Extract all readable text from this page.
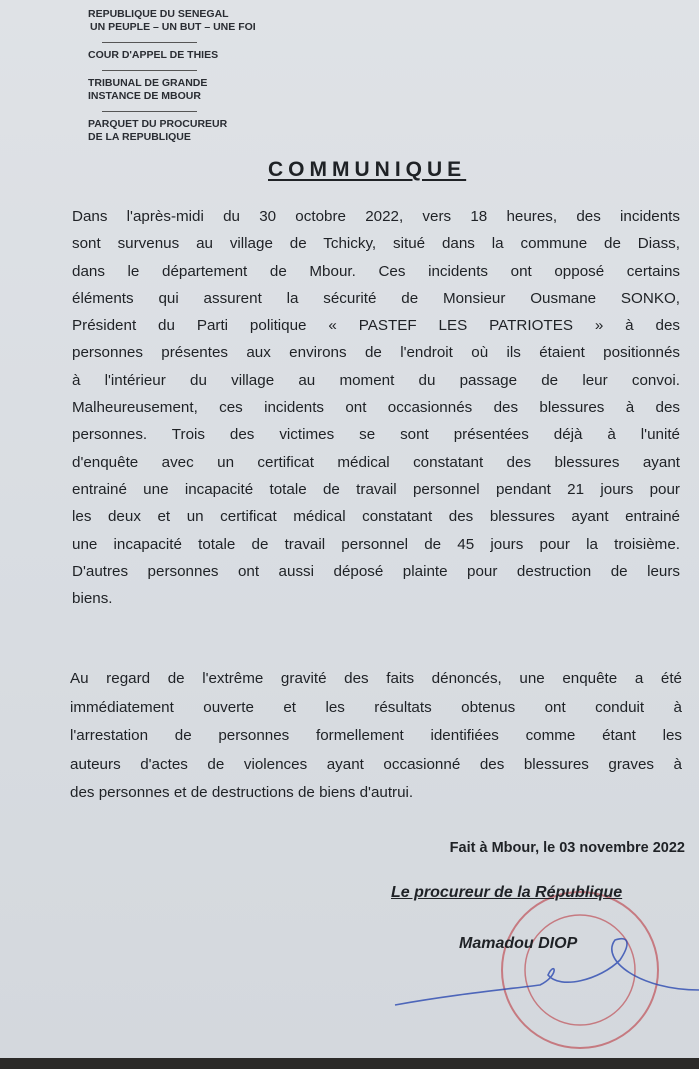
REPUBLIQUE DU SENEGAL
UN PEUPLE – UN BUT – UNE FOI
COUR D'APPEL DE THIES
TRIBUNAL DE GRANDE
INSTANCE DE MBOUR
PARQUET DU PROCUREUR
DE LA REPUBLIQUE
COMMUNIQUE
Dans l'après-midi du 30 octobre 2022, vers 18 heures, des incidents
sont survenus au village de Tchicky, situé dans la commune de Diass,
dans le département de Mbour. Ces incidents ont opposé certains
éléments qui assurent la sécurité de Monsieur Ousmane SONKO,
Président du Parti politique « PASTEF LES PATRIOTES » à des
personnes présentes aux environs de l'endroit où ils étaient positionnés
à l'intérieur du village au moment du passage de leur convoi.
Malheureusement, ces incidents ont occasionnés des blessures à des
personnes. Trois des victimes se sont présentées déjà à l'unité
d'enquête avec un certificat médical constatant des blessures ayant
entrainé une incapacité totale de travail personnel pendant 21 jours pour
les deux et un certificat médical constatant des blessures ayant entrainé
une incapacité totale de travail personnel de 45 jours pour la troisième.
D'autres personnes ont aussi déposé plainte pour destruction de leurs
biens.
Au regard de l'extrême gravité des faits dénoncés, une enquête a été
immédiatement ouverte et les résultats obtenus ont conduit à
l'arrestation de personnes formellement identifiées comme étant les
auteurs d'actes de violences ayant occasionné des blessures graves à
des personnes et de destructions de biens d'autrui.
Fait à Mbour, le 03 novembre 2022
Le procureur de la République
Mamadou DIOP
